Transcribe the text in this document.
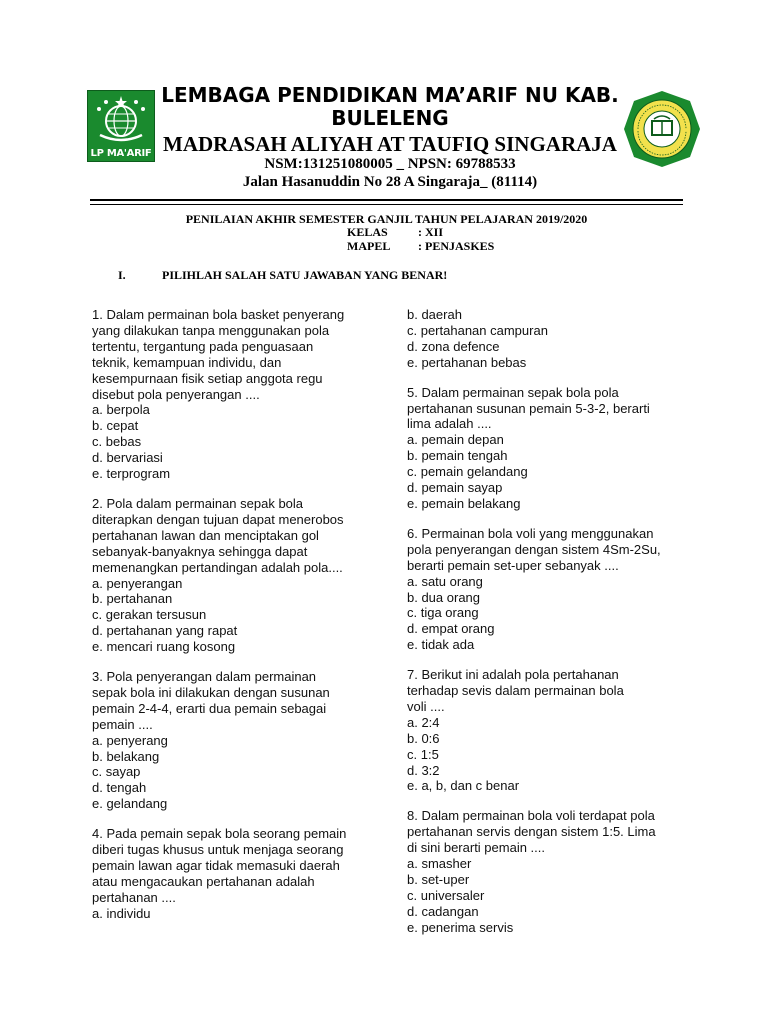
LP MA'ARIF
LEMBAGA PENDIDIKAN MA’ARIF NU KAB.
BULELENG
MADRASAH ALIYAH AT TAUFIQ SINGARAJA
NSM:131251080005 _ NPSN: 69788533
Jalan Hasanuddin No 28 A Singaraja_ (81114)
PENILAIAN AKHIR SEMESTER GANJIL TAHUN PELAJARAN 2019/2020
KELAS	: XII
MAPEL : PENJASKES
I.	PILIHLAH SALAH SATU JAWABAN YANG BENAR!

1. Dalam permainan bola basket penyerang
yang dilakukan tanpa menggunakan pola
tertentu, tergantung pada penguasaan
teknik, kemampuan individu, dan
kesempurnaan fisik setiap anggota regu
disebut pola penyerangan ....
a. berpola
b. cepat
c. bebas
d. bervariasi
e. terprogram

2. Pola dalam permainan sepak bola
diterapkan dengan tujuan dapat menerobos
pertahanan lawan dan menciptakan gol
sebanyak-banyaknya sehingga dapat
memenangkan pertandingan adalah pola....
a. penyerangan
b. pertahanan
c. gerakan tersusun
d. pertahanan yang rapat
e. mencari ruang kosong

3. Pola penyerangan dalam permainan
sepak bola ini dilakukan dengan susunan
pemain 2-4-4, erarti dua pemain sebagai
pemain ....
a. penyerang
b. belakang
c. sayap
d. tengah
e. gelandang

4. Pada pemain sepak bola seorang pemain
diberi tugas khusus untuk menjaga seorang
pemain lawan agar tidak memasuki daerah
atau mengacaukan pertahanan adalah
pertahanan ....
a. individu

b. daerah
c. pertahanan campuran
d. zona defence
e. pertahanan bebas

5. Dalam permainan sepak bola pola
pertahanan susunan pemain 5-3-2, berarti
lima adalah ....
a. pemain depan
b. pemain tengah
c. pemain gelandang
d. pemain sayap
e. pemain belakang

6. Permainan bola voli yang menggunakan
pola penyerangan dengan sistem 4Sm-2Su,
berarti pemain set-uper sebanyak ....
a. satu orang
b. dua orang
c. tiga orang
d. empat orang
e. tidak ada

7. Berikut ini adalah pola pertahanan
terhadap sevis dalam permainan bola
voli ....
a. 2:4
b. 0:6
c. 1:5
d. 3:2
e. a, b, dan c benar

8. Dalam permainan bola voli terdapat pola
pertahanan servis dengan sistem 1:5. Lima
di sini berarti pemain ....
a. smasher
b. set-uper
c. universaler
d. cadangan
e. penerima servis
